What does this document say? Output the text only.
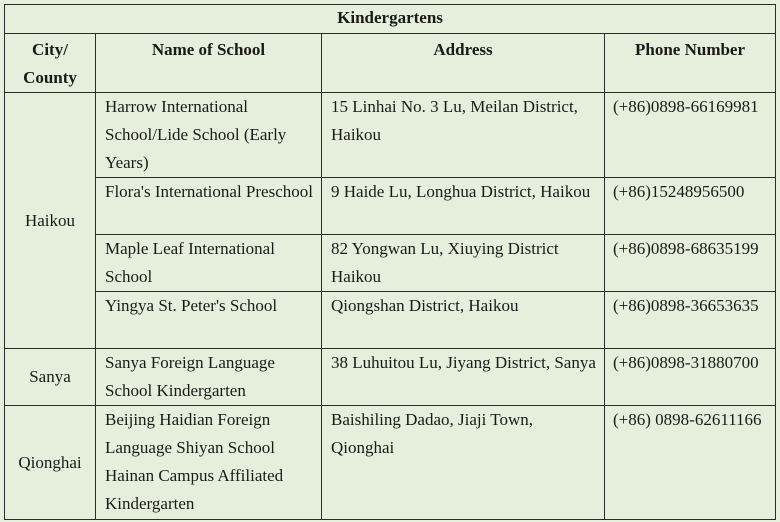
Kindergartens			
City/ County	Name of School	Address	Phone Number
Haikou	Harrow International School/Lide School (Early Years)	15 Linhai No. 3 Lu, Meilan District, Haikou	(+86)0898-66169981
	Flora's International Preschool	9 Haide Lu, Longhua District, Haikou	(+86)15248956500
	Maple Leaf International School	82 Yongwan Lu, Xiuying District Haikou	(+86)0898-68635199
	Yingya St. Peter's School	Qiongshan District, Haikou	(+86)0898-36653635
Sanya	Sanya Foreign Language School Kindergarten	38 Luhuitou Lu, Jiyang District, Sanya	(+86)0898-31880700
Qionghai	Beijing Haidian Foreign Language Shiyan School Hainan Campus Affiliated Kindergarten	Baishiling Dadao, Jiaji Town, Qionghai	(+86) 0898-62611166
